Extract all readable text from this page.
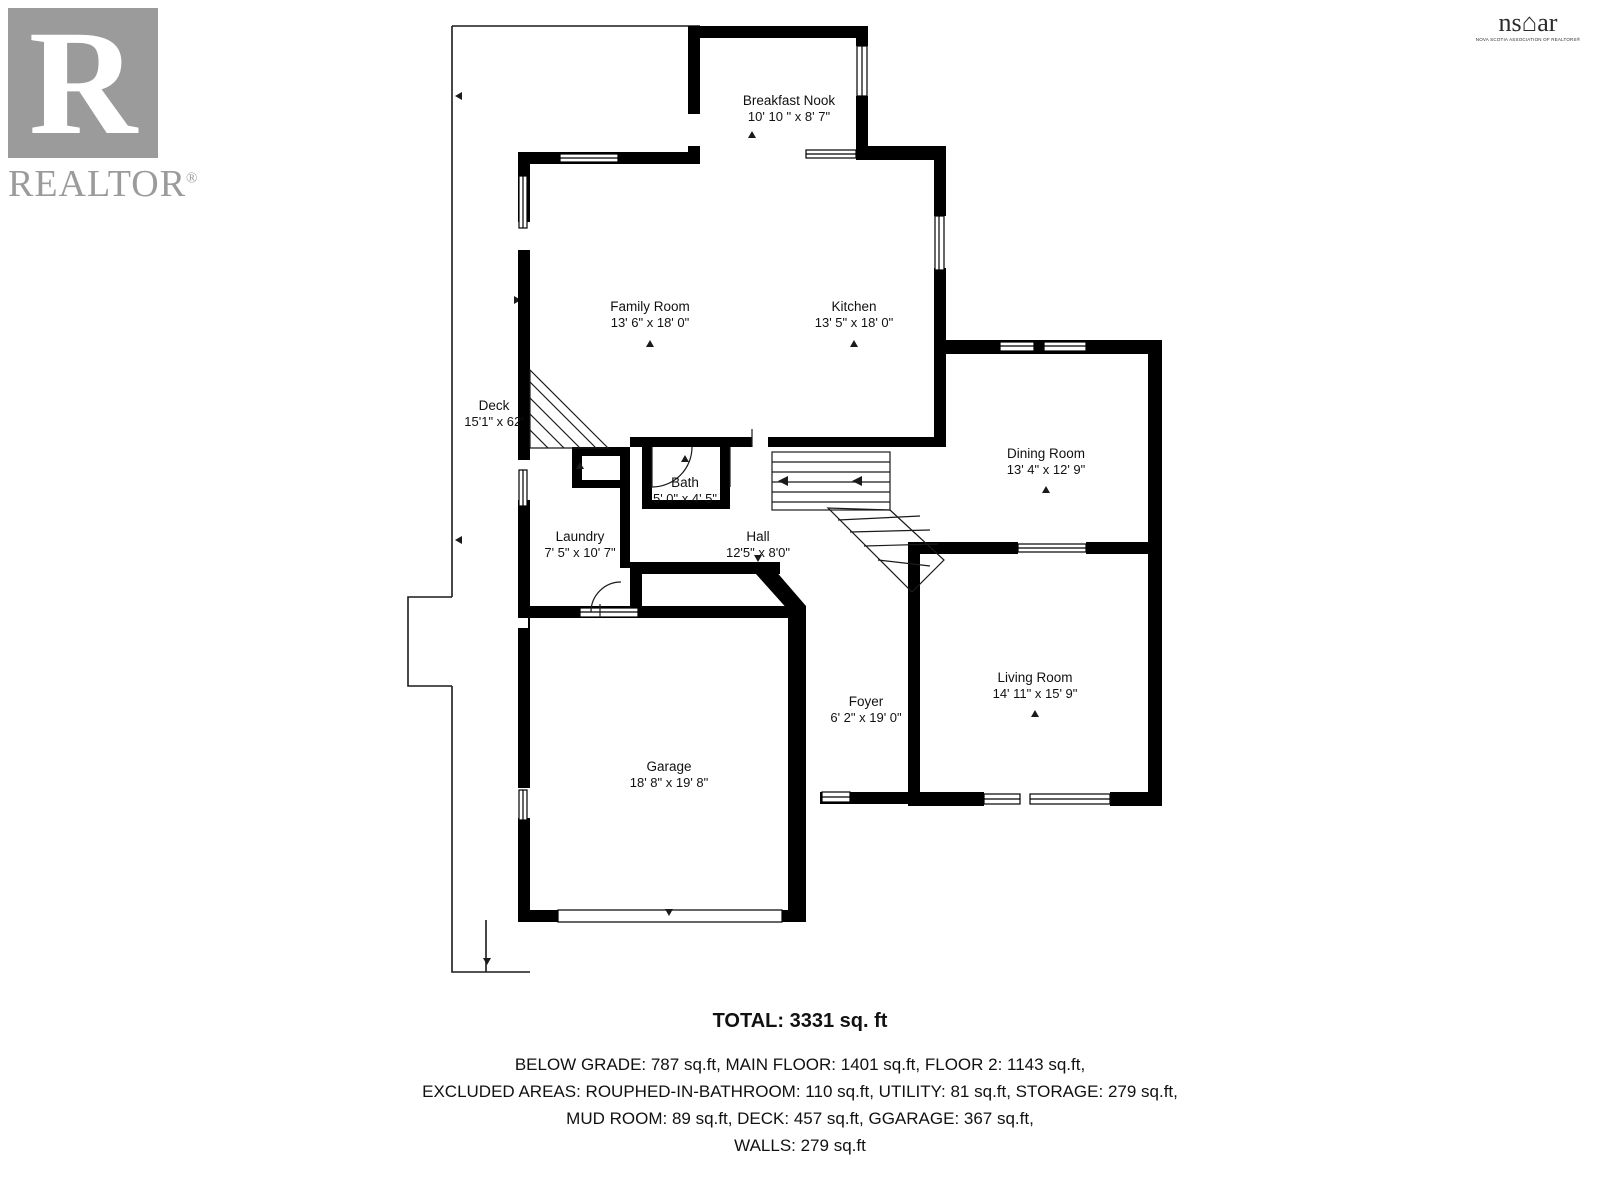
R
REALTOR®
ns⌂ar
NOVA SCOTIA ASSOCIATION OF REALTORS®
Breakfast Nook
10' 10 " x 8' 7"
Family Room
13' 6" x 18' 0"
Kitchen
13' 5" x 18' 0"
Deck
15'1" x 62'
Dining Room
13' 4" x 12' 9"
Bath
5' 0" x 4' 5"
Laundry
7' 5" x 10' 7"
Hall
12'5" x 8'0"
Living Room
14' 11" x 15' 9"
Foyer
6' 2" x 19' 0"
Garage
18' 8" x 19' 8"
TOTAL: 3331 sq. ft
BELOW GRADE: 787 sq.ft, MAIN FLOOR: 1401 sq.ft, FLOOR 2: 1143 sq.ft,
EXCLUDED AREAS: ROUPHED-IN-BATHROOM: 110 sq.ft, UTILITY: 81 sq.ft, STORAGE: 279 sq.ft,
MUD ROOM: 89 sq.ft, DECK: 457 sq.ft, GGARAGE: 367 sq.ft,
WALLS: 279 sq.ft
